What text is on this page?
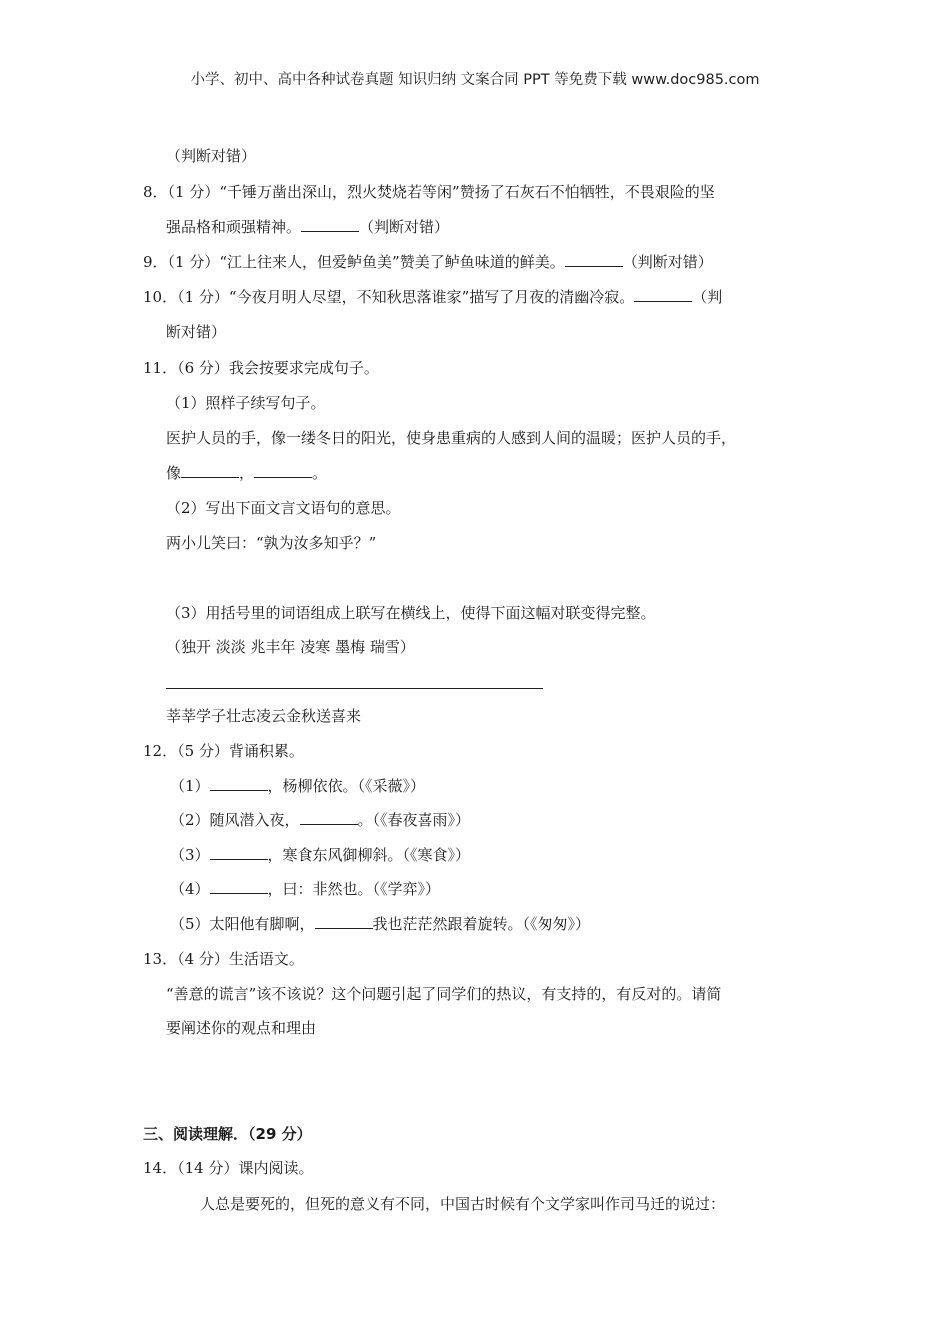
小学、初中、高中各种试卷真题 知识归纳 文案合同 PPT 等免费下载 www.doc985.com
（判断对错）
8．（1 分）“千锤万凿出深山，烈火焚烧若等闲”赞扬了石灰石不怕牺牲，不畏艰险的坚
强品格和顽强精神。	（判断对错）
9．（1 分）“江上往来人，但爱鲈鱼美”赞美了鲈鱼味道的鲜美。	（判断对错）
10．（1 分）“今夜月明人尽望，不知秋思落谁家”描写了月夜的清幽冷寂。	（判
断对错）
11．（6 分）我会按要求完成句子。
（1）照样子续写句子。
医护人员的手，像一缕冬日的阳光，使身患重病的人感到人间的温暖；医护人员的手，
像	，	。
（2）写出下面文言文语句的意思。
两小儿笑曰：“孰为汝多知乎？”
（3）用括号里的词语组成上联写在横线上，使得下面这幅对联变得完整。
（独开 淡淡 兆丰年 凌寒 墨梅 瑞雪）
莘莘学子壮志凌云金秋送喜来
12．（5 分）背诵积累。
（1）	，杨柳依依。（《采薇》）
（2）随风潜入夜，	。（《春夜喜雨》）
（3）	，寒食东风御柳斜。（《寒食》）
（4）	，曰：非然也。（《学弈》）
（5）太阳他有脚啊，	我也茫茫然跟着旋转。（《匆匆》）
13．（4 分）生活语文。
“善意的谎言”该不该说？这个问题引起了同学们的热议，有支持的，有反对的。请简
要阐述你的观点和理由
三、阅读理解．（29 分）
14．（14 分）课内阅读。
人总是要死的，但死的意义有不同，中国古时候有个文学家叫作司马迁的说过：
